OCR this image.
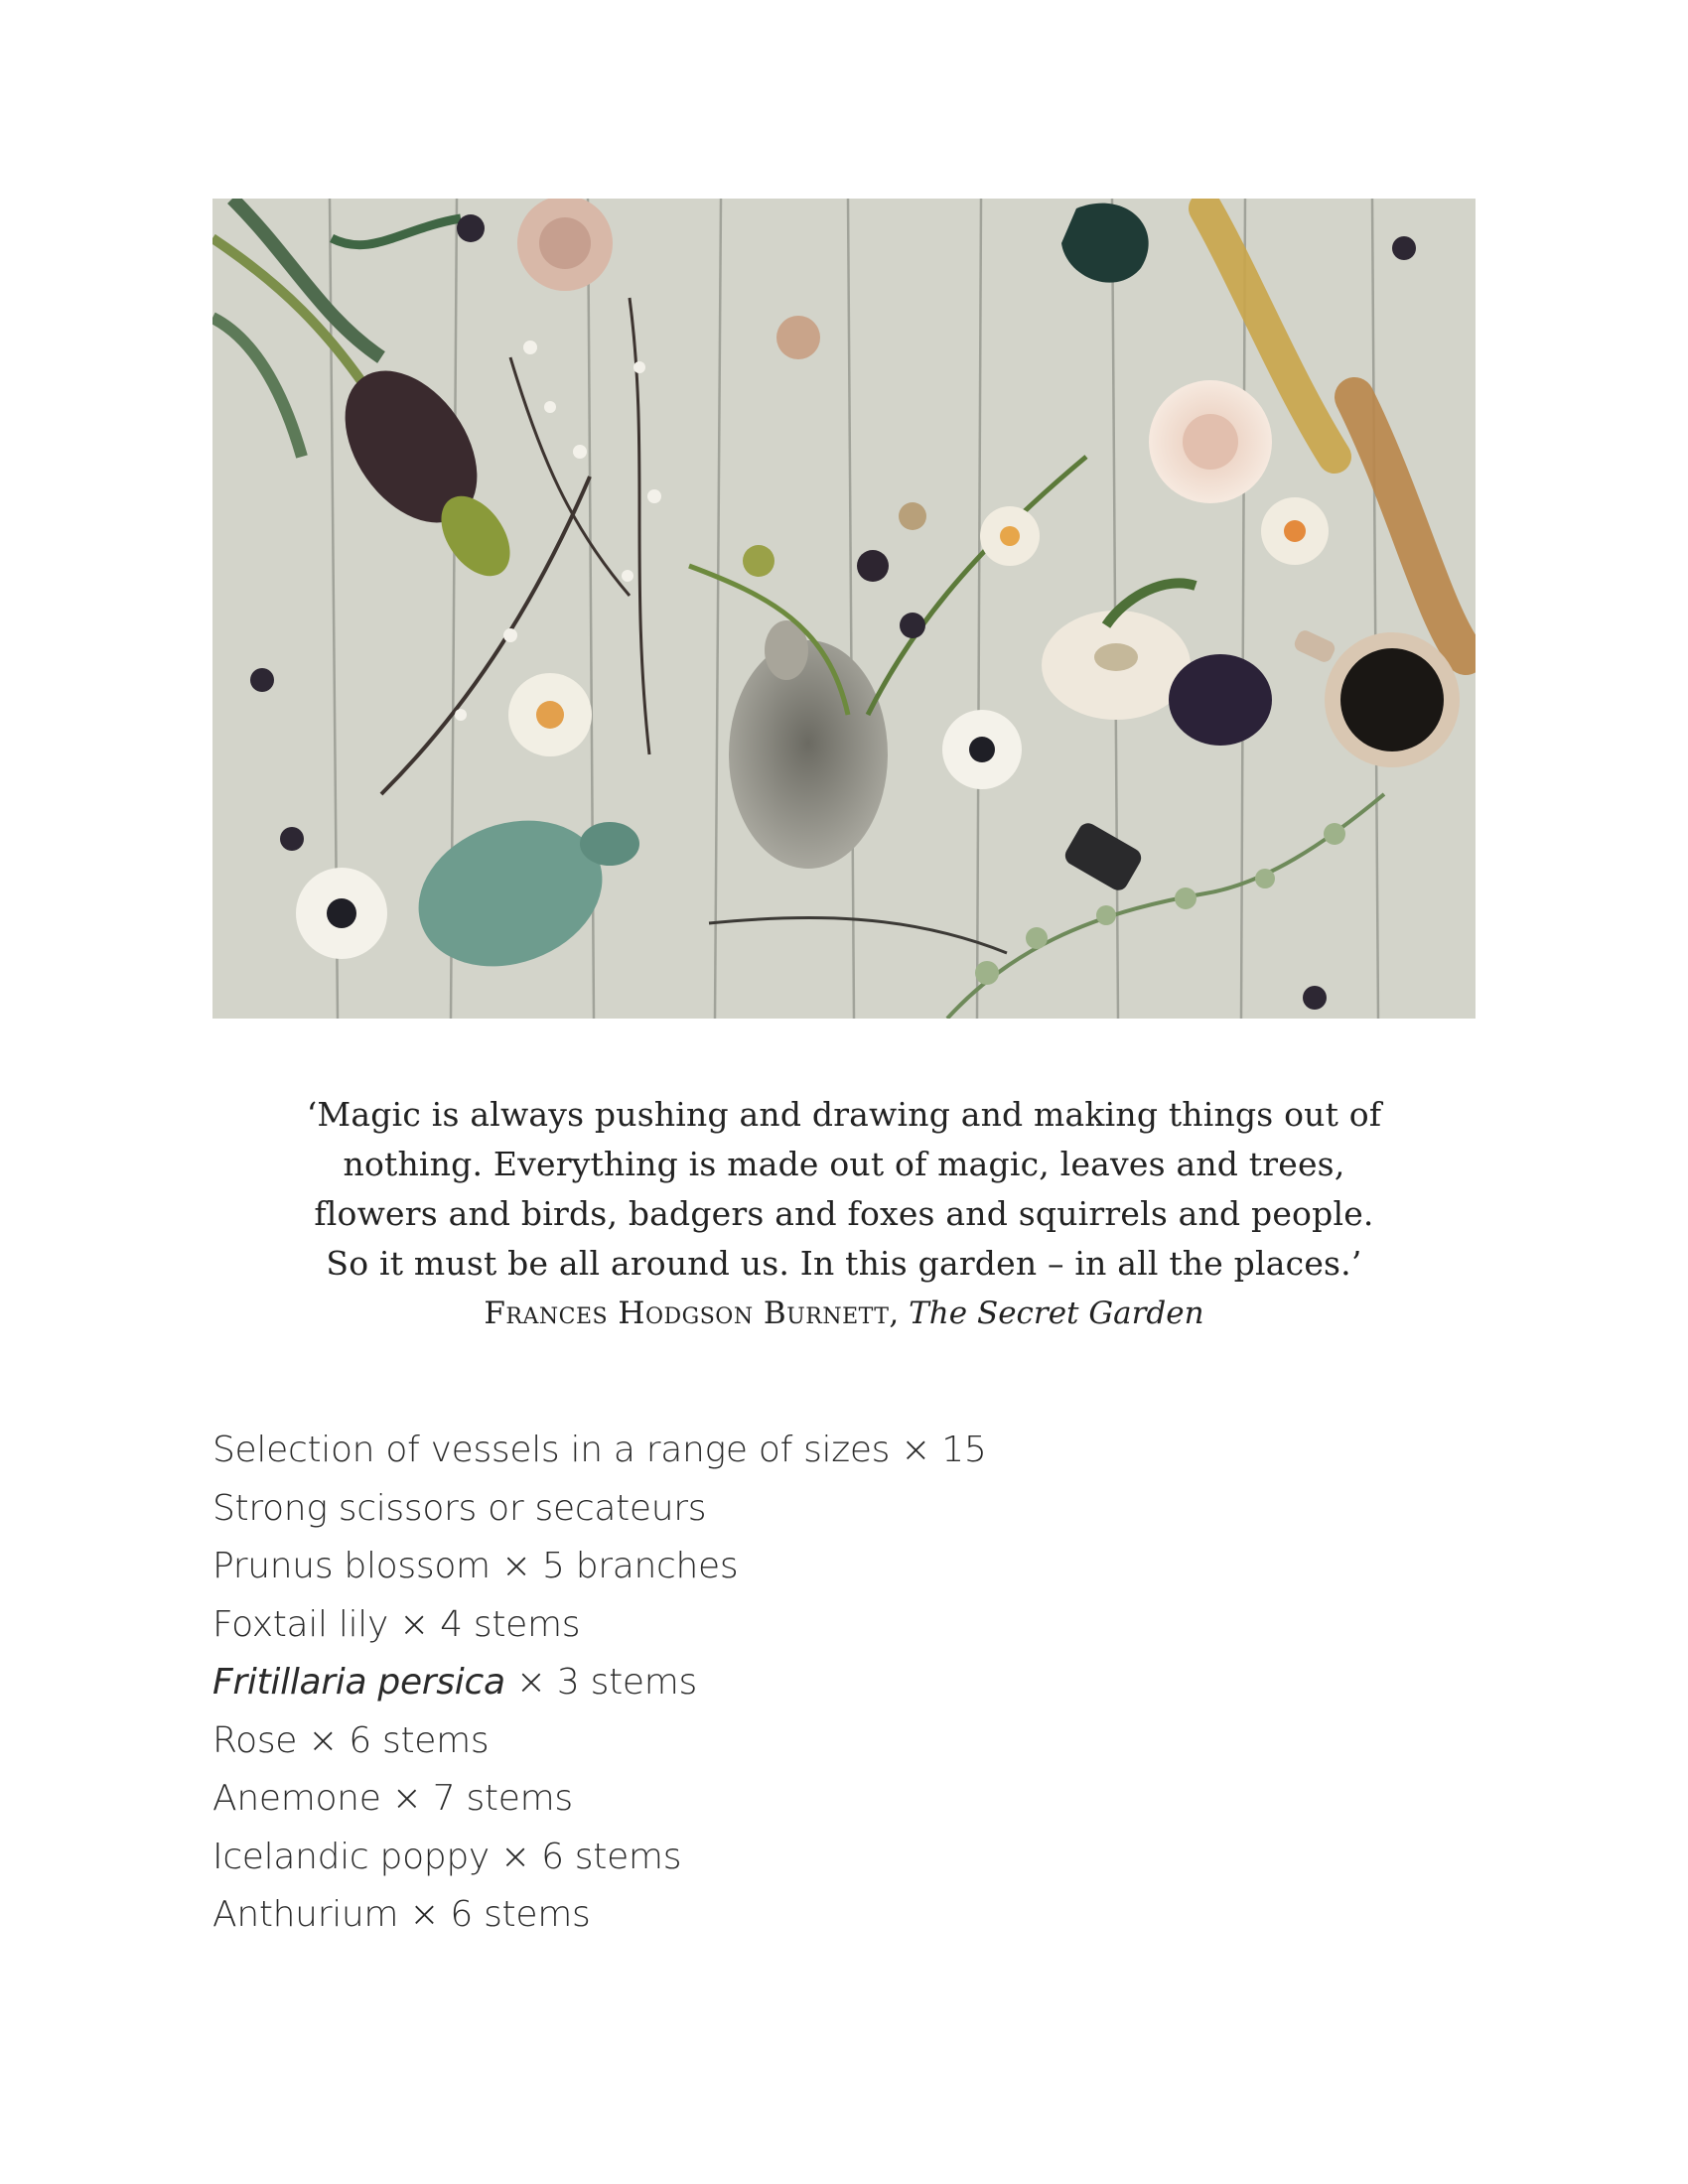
‘Magic is always pushing and drawing and making things out of
nothing. Everything is made out of magic, leaves and trees,
flowers and birds, badgers and foxes and squirrels and people.
So it must be all around us. In this garden – in all the places.’
Frances Hodgson Burnett, The Secret Garden
Selection of vessels in a range of sizes × 15
Strong scissors or secateurs
Prunus blossom × 5 branches
Foxtail lily × 4 stems
Fritillaria persica × 3 stems
Rose × 6 stems
Anemone × 7 stems
Icelandic poppy × 6 stems
Anthurium × 6 stems
